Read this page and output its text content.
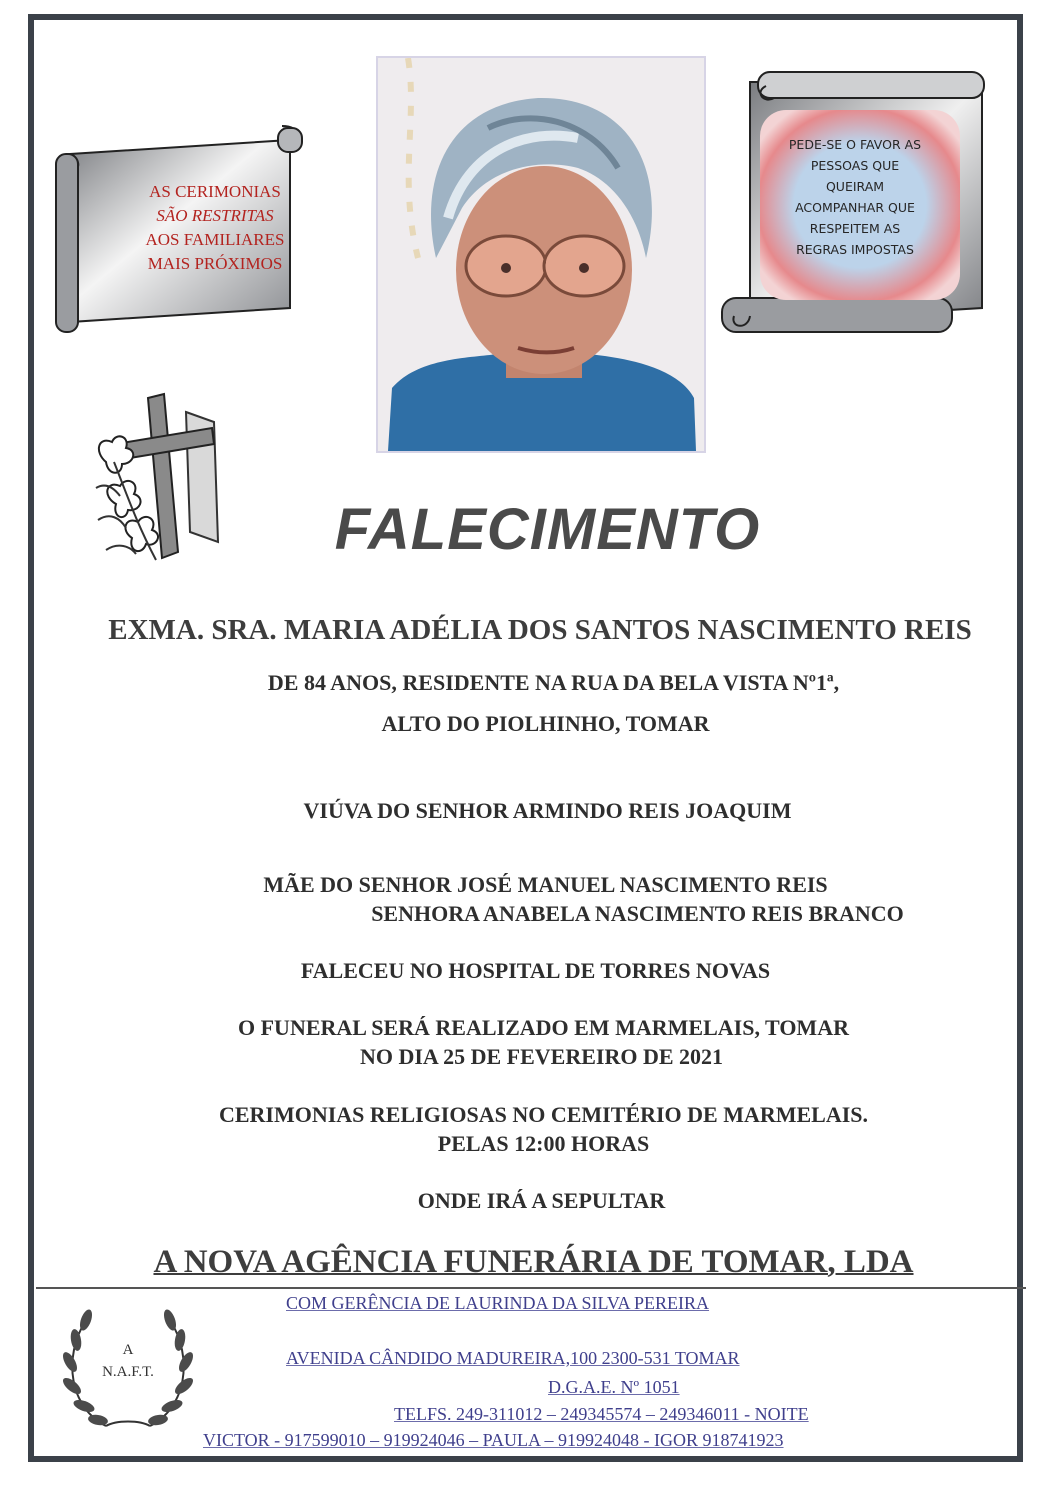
AS CERIMONIAS
SÃO RESTRITAS
AOS FAMILIARES
MAIS PRÓXIMOS
PEDE-SE O FAVOR AS
PESSOAS QUE
QUEIRAM
ACOMPANHAR QUE
RESPEITEM AS
REGRAS IMPOSTAS
FALECIMENTO
EXMA. SRA. MARIA ADÉLIA DOS SANTOS NASCIMENTO REIS
DE 84 ANOS, RESIDENTE NA RUA DA BELA VISTA Nº1ª,
ALTO DO PIOLHINHO, TOMAR
VIÚVA DO SENHOR ARMINDO REIS JOAQUIM
MÃE DO SENHOR JOSÉ MANUEL NASCIMENTO REIS
SENHORA ANABELA NASCIMENTO REIS BRANCO
FALECEU NO HOSPITAL DE TORRES NOVAS
O FUNERAL SERÁ REALIZADO EM MARMELAIS, TOMAR
NO DIA 25 DE FEVEREIRO DE 2021
CERIMONIAS RELIGIOSAS NO CEMITÉRIO DE MARMELAIS.
PELAS 12:00 HORAS
ONDE IRÁ A SEPULTAR
A NOVA AGÊNCIA FUNERÁRIA DE TOMAR, LDA
A
N.A.F.T.
COM GERÊNCIA DE LAURINDA DA SILVA PEREIRA
AVENIDA CÂNDIDO MADUREIRA,100 2300-531 TOMAR
D.G.A.E. Nº 1051
TELFS. 249-311012 – 249345574 – 249346011 - NOITE
VICTOR - 917599010 – 919924046 – PAULA – 919924048 - IGOR 918741923
